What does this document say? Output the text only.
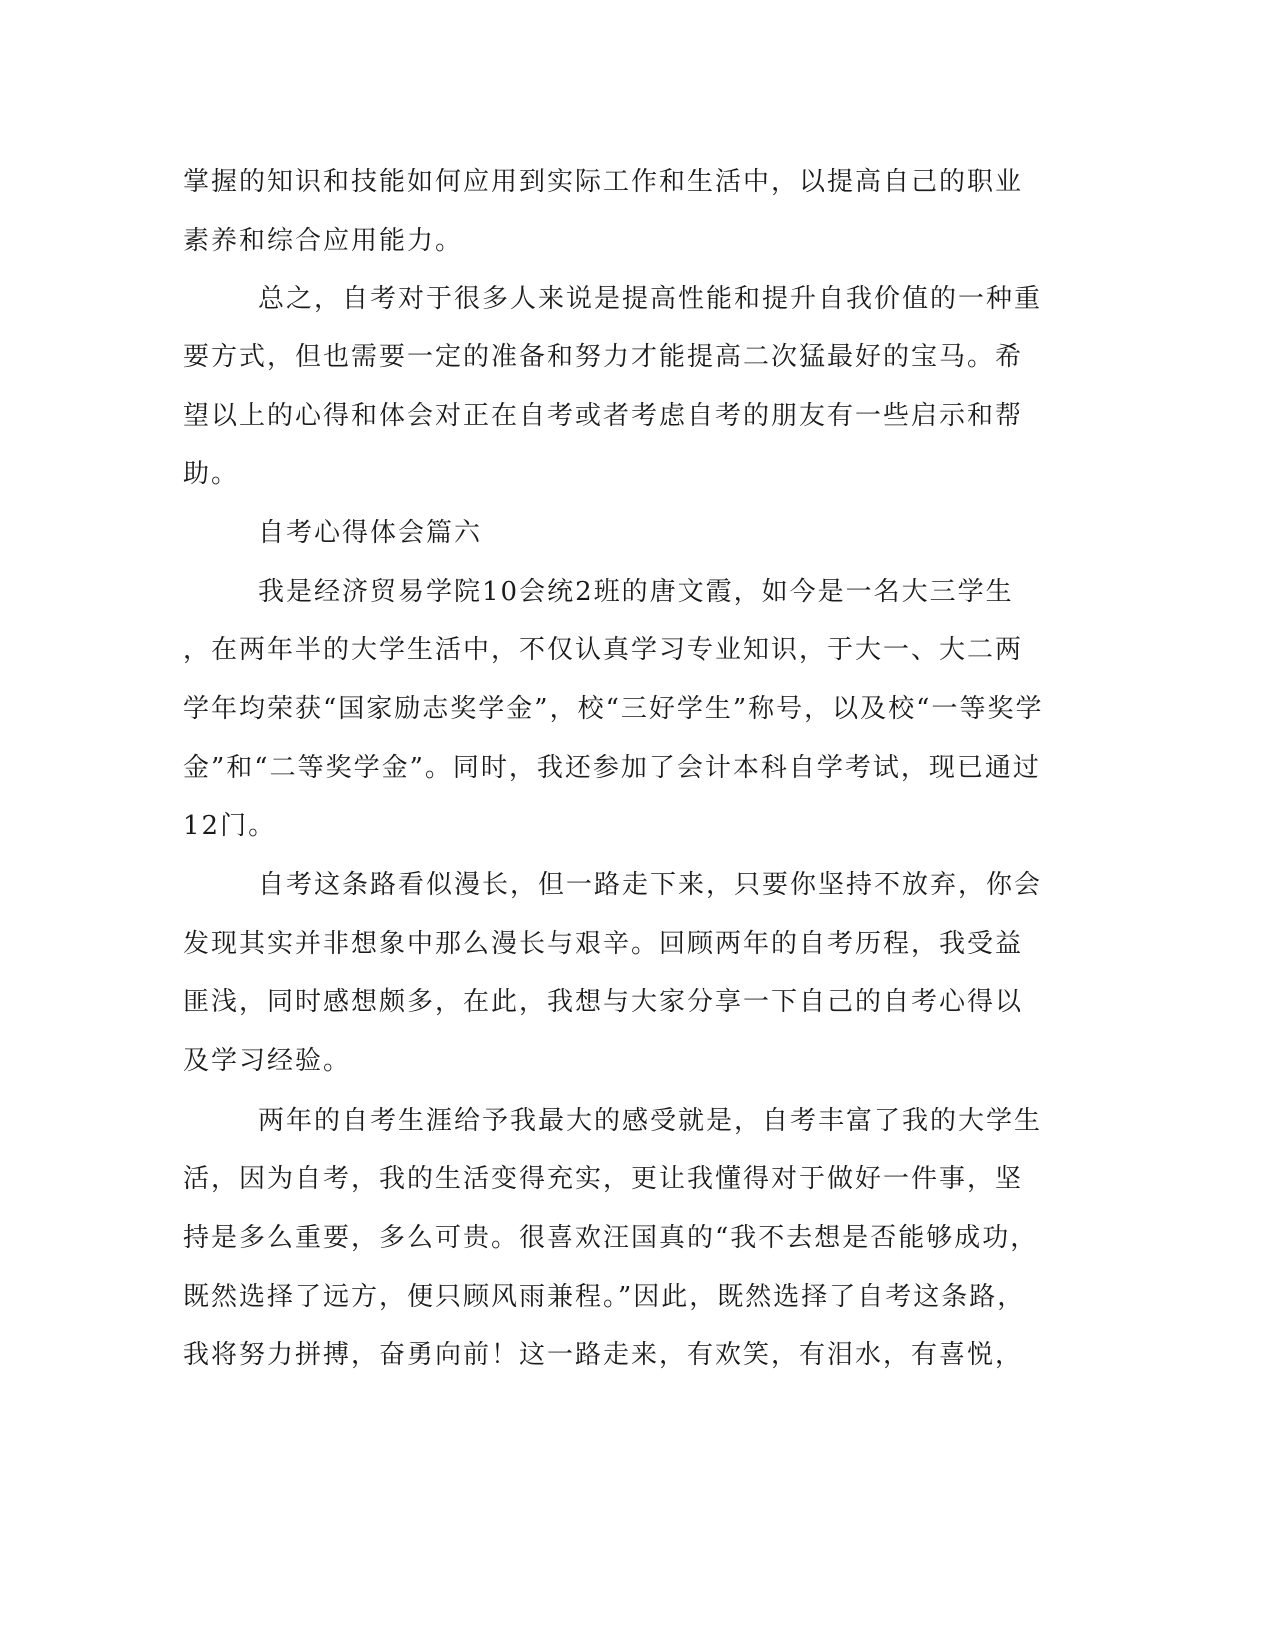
掌握的知识和技能如何应用到实际工作和生活中，以提高自己的职业
素养和综合应用能力。
总之，自考对于很多人来说是提高性能和提升自我价值的一种重
要方式，但也需要一定的准备和努力才能提高二次猛最好的宝马。希
望以上的心得和体会对正在自考或者考虑自考的朋友有一些启示和帮
助。
自考心得体会篇六
我是经济贸易学院10会统2班的唐文霞，如今是一名大三学生
，在两年半的大学生活中，不仅认真学习专业知识，于大一、大二两
学年均荣获“国家励志奖学金”，校“三好学生”称号，以及校“一等奖学
金”和“二等奖学金”。同时，我还参加了会计本科自学考试，现已通过
12门。
自考这条路看似漫长，但一路走下来，只要你坚持不放弃，你会
发现其实并非想象中那么漫长与艰辛。回顾两年的自考历程，我受益
匪浅，同时感想颇多，在此，我想与大家分享一下自己的自考心得以
及学习经验。
两年的自考生涯给予我最大的感受就是，自考丰富了我的大学生
活，因为自考，我的生活变得充实，更让我懂得对于做好一件事，坚
持是多么重要，多么可贵。很喜欢汪国真的“我不去想是否能够成功，
既然选择了远方，便只顾风雨兼程。”因此，既然选择了自考这条路，
我将努力拼搏，奋勇向前！这一路走来，有欢笑，有泪水，有喜悦，
